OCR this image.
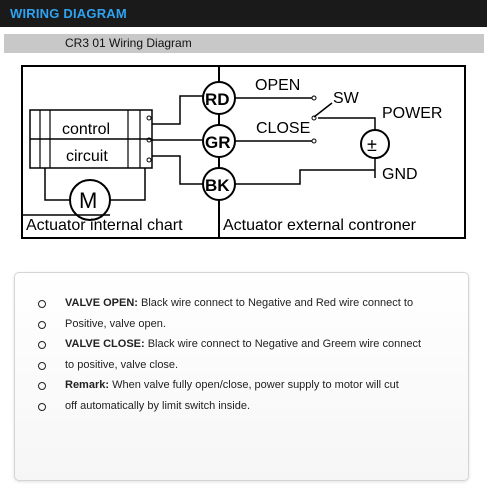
WIRING DIAGRAM
CR3 01 Wiring Diagram
control
circuit
M
RD
GR
BK
±
OPEN
CLOSE
SW
POWER
GND
Actuator internal chart	Actuator external controner
VALVE OPEN: Black wire connect to Negative and Red wire connect to
Positive, valve open.
VALVE CLOSE: Black wire connect to Negative and Greem wire connect
to positive, valve close.
Remark: When valve fully open/close, power supply to motor will cut
off automatically by limit switch inside.
